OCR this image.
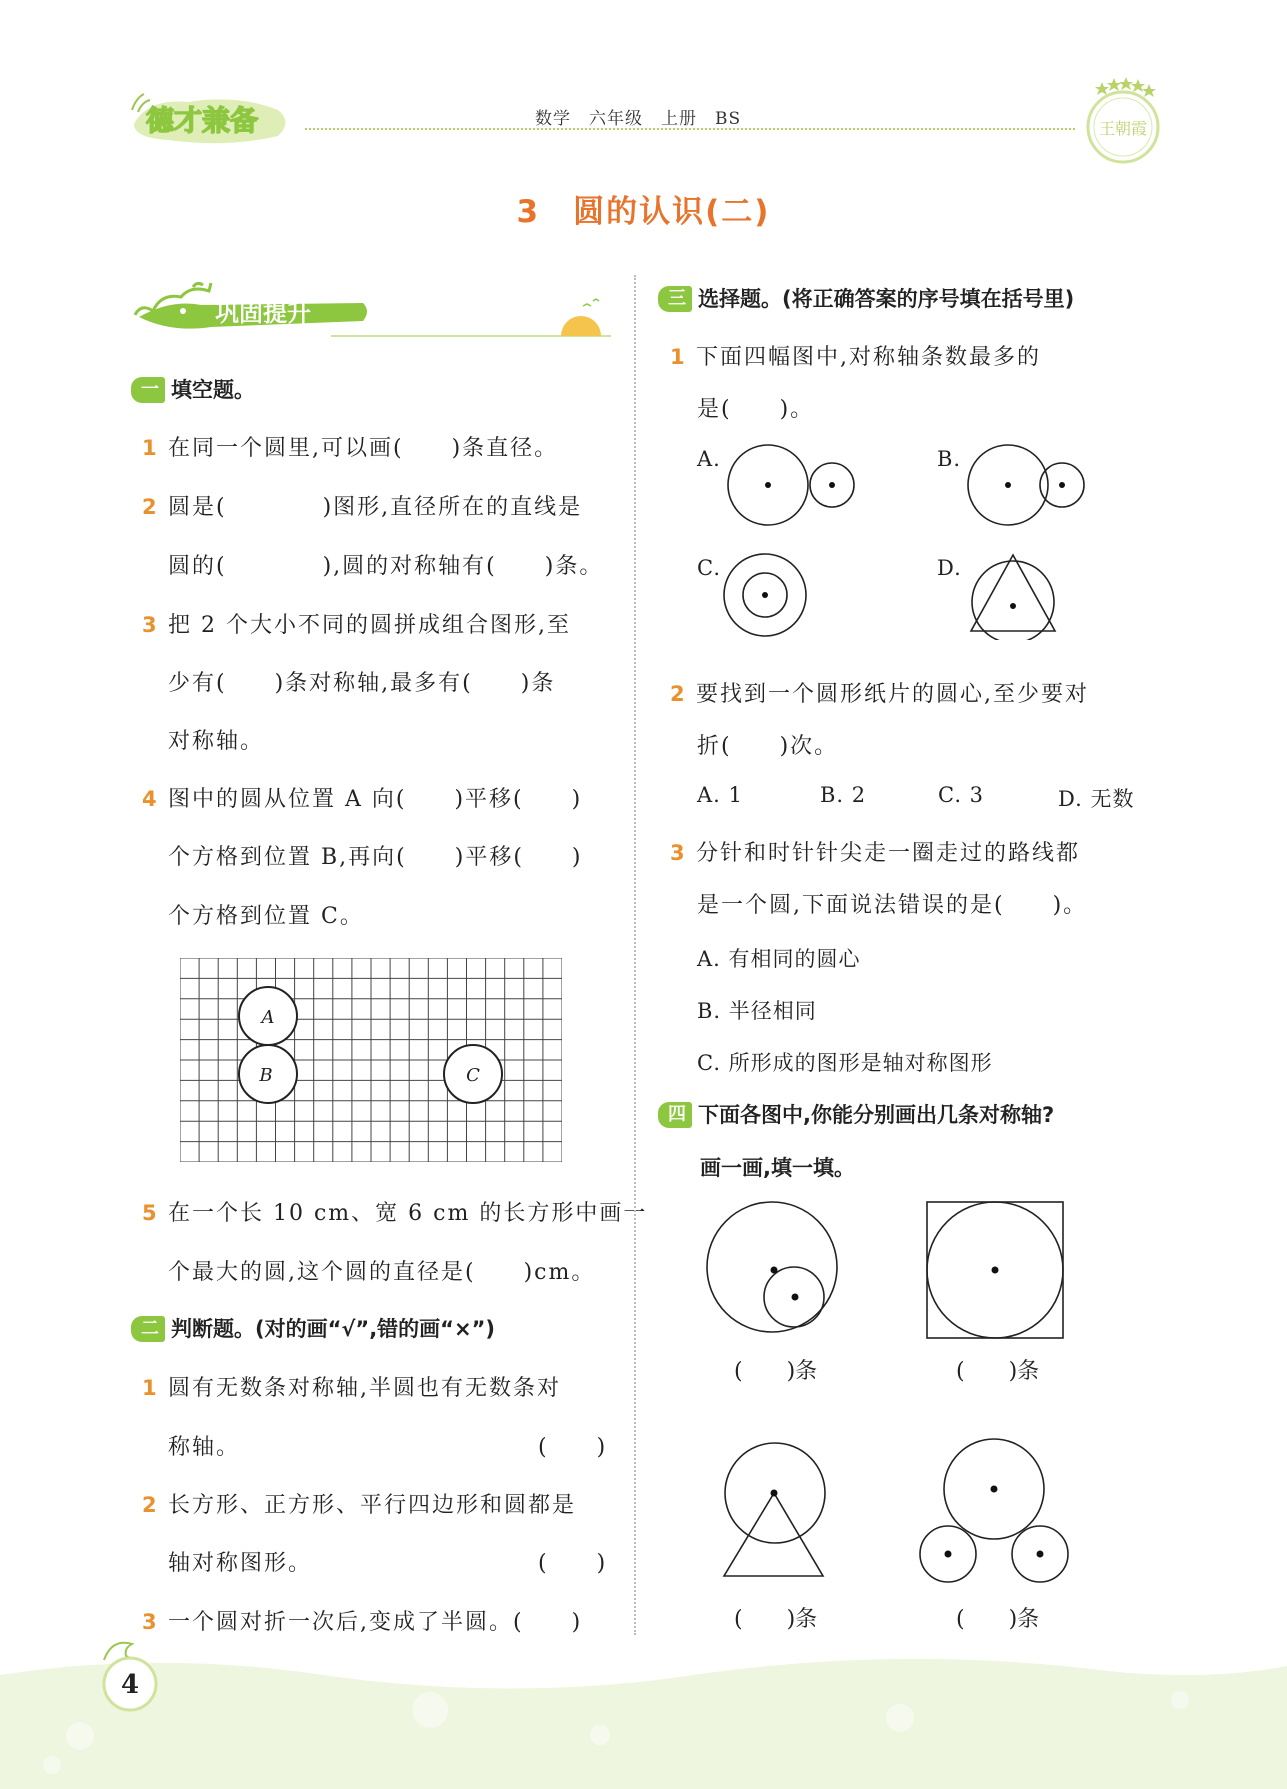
德才兼备	数学　六年级　上册　BS	王朝霞
3　圆的认识(二)
巩固提升
一 填空题。
1 在同一个圆里,可以画(　　)条直径。
2 圆是(　　　　)图形,直径所在的直线是
圆的(　　　　),圆的对称轴有(　　)条。
3 把 2 个大小不同的圆拼成组合图形,至
少有(　　)条对称轴,最多有(　　)条
对称轴。
4 图中的圆从位置 A 向(　　)平移(　　)
个方格到位置 B,再向(　　)平移(　　)
个方格到位置 C。
A
B	C
5 在一个长 10 cm、宽 6 cm 的长方形中画一
个最大的圆,这个圆的直径是(　　)cm。
二 判断题。(对的画“√”,错的画“×”)
1 圆有无数条对称轴,半圆也有无数条对
称轴。	(　　)
2 长方形、正方形、平行四边形和圆都是
轴对称图形。	(　　)
3 一个圆对折一次后,变成了半圆。(　　)
三 选择题。(将正确答案的序号填在括号里)
1 下面四幅图中,对称轴条数最多的
是(　　)。
A.	B.
C.	D.
2 要找到一个圆形纸片的圆心,至少要对
折(　　)次。
A. 1	B. 2	C. 3	D. 无数
3 分针和时针针尖走一圈走过的路线都
是一个圆,下面说法错误的是(　　)。
A. 有相同的圆心
B. 半径相同
C. 所形成的图形是轴对称图形
四 下面各图中,你能分别画出几条对称轴?
画一画,填一填。
(　　)条	(　　)条
(　　)条	(　　)条
4
